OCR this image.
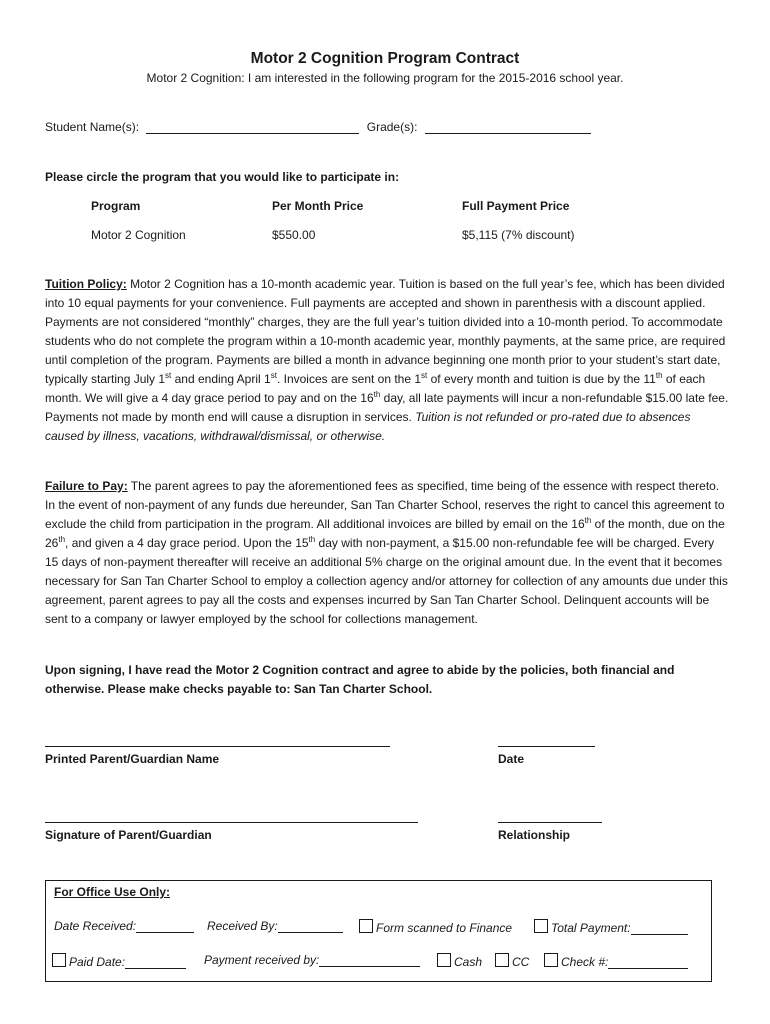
Motor 2 Cognition Program Contract
Motor 2 Cognition: I am interested in the following program for the 2015-2016 school year.
Student Name(s):	Grade(s):
Please circle the program that you would like to participate in:
Program	Per Month Price	Full Payment Price
Motor 2 Cognition	$550.00	$5,115 (7% discount)
Tuition Policy: Motor 2 Cognition has a 10-month academic year. Tuition is based on the full year’s fee, which has been divided into 10 equal payments for your convenience. Full payments are accepted and shown in parenthesis with a discount applied. Payments are not considered “monthly” charges, they are the full year’s tuition divided into a 10-month period. To accommodate students who do not complete the program within a 10-month academic year, monthly payments, at the same price, are required until completion of the program. Payments are billed a month in advance beginning one month prior to your student’s start date, typically starting July 1st and ending April 1st. Invoices are sent on the 1st of every month and tuition is due by the 11th of each month. We will give a 4 day grace period to pay and on the 16th day, all late payments will incur a non-refundable $15.00 late fee. Payments not made by month end will cause a disruption in services. Tuition is not refunded or pro-rated due to absences caused by illness, vacations, withdrawal/dismissal, or otherwise.
Failure to Pay: The parent agrees to pay the aforementioned fees as specified, time being of the essence with respect thereto. In the event of non-payment of any funds due hereunder, San Tan Charter School, reserves the right to cancel this agreement to exclude the child from participation in the program. All additional invoices are billed by email on the 16th of the month, due on the 26th, and given a 4 day grace period. Upon the 15th day with non-payment, a $15.00 non-refundable fee will be charged. Every 15 days of non-payment thereafter will receive an additional 5% charge on the original amount due. In the event that it becomes necessary for San Tan Charter School to employ a collection agency and/or attorney for collection of any amounts due under this agreement, parent agrees to pay all the costs and expenses incurred by San Tan Charter School. Delinquent accounts will be sent to a company or lawyer employed by the school for collections management.
Upon signing, I have read the Motor 2 Cognition contract and agree to abide by the policies, both financial and otherwise. Please make checks payable to: San Tan Charter School.
Printed Parent/Guardian Name	Date
Signature of Parent/Guardian	Relationship
For Office Use Only:
Date Received:	Received By:	Form scanned to Finance	Total Payment:
Paid Date:	Payment received by:	Cash	CC	Check #:
